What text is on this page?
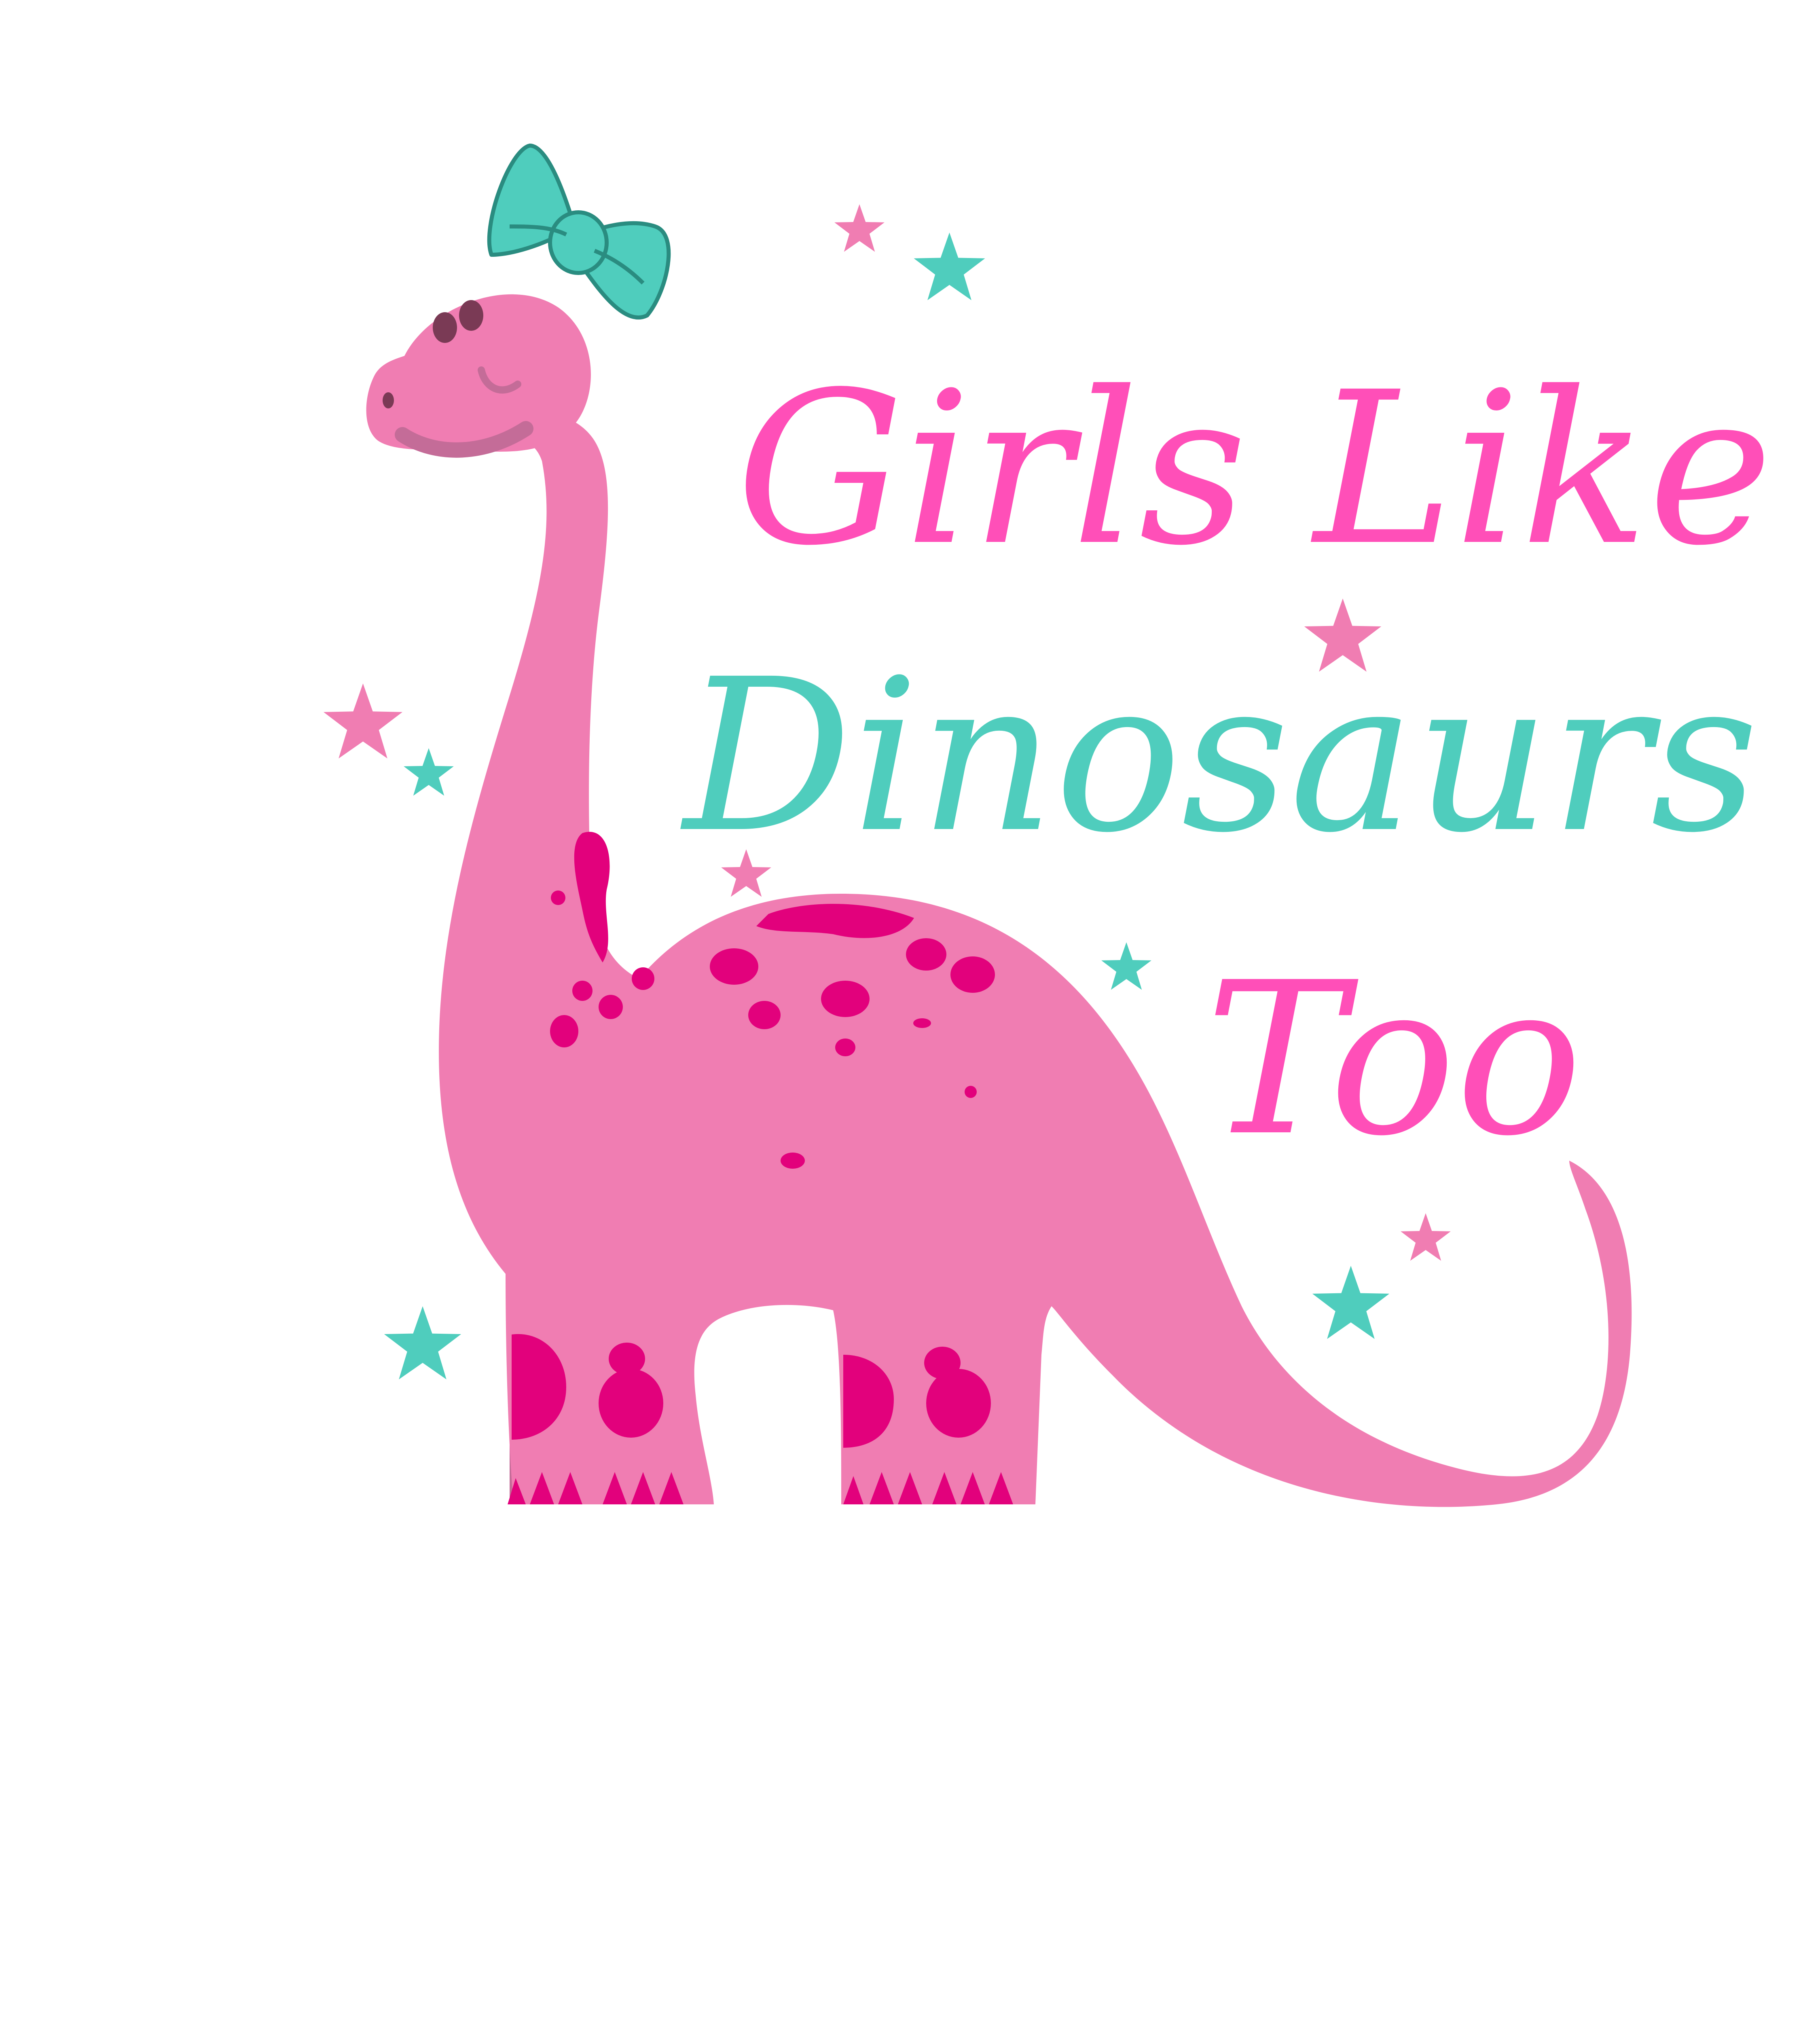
Girls Like
Dinosaurs
Too
